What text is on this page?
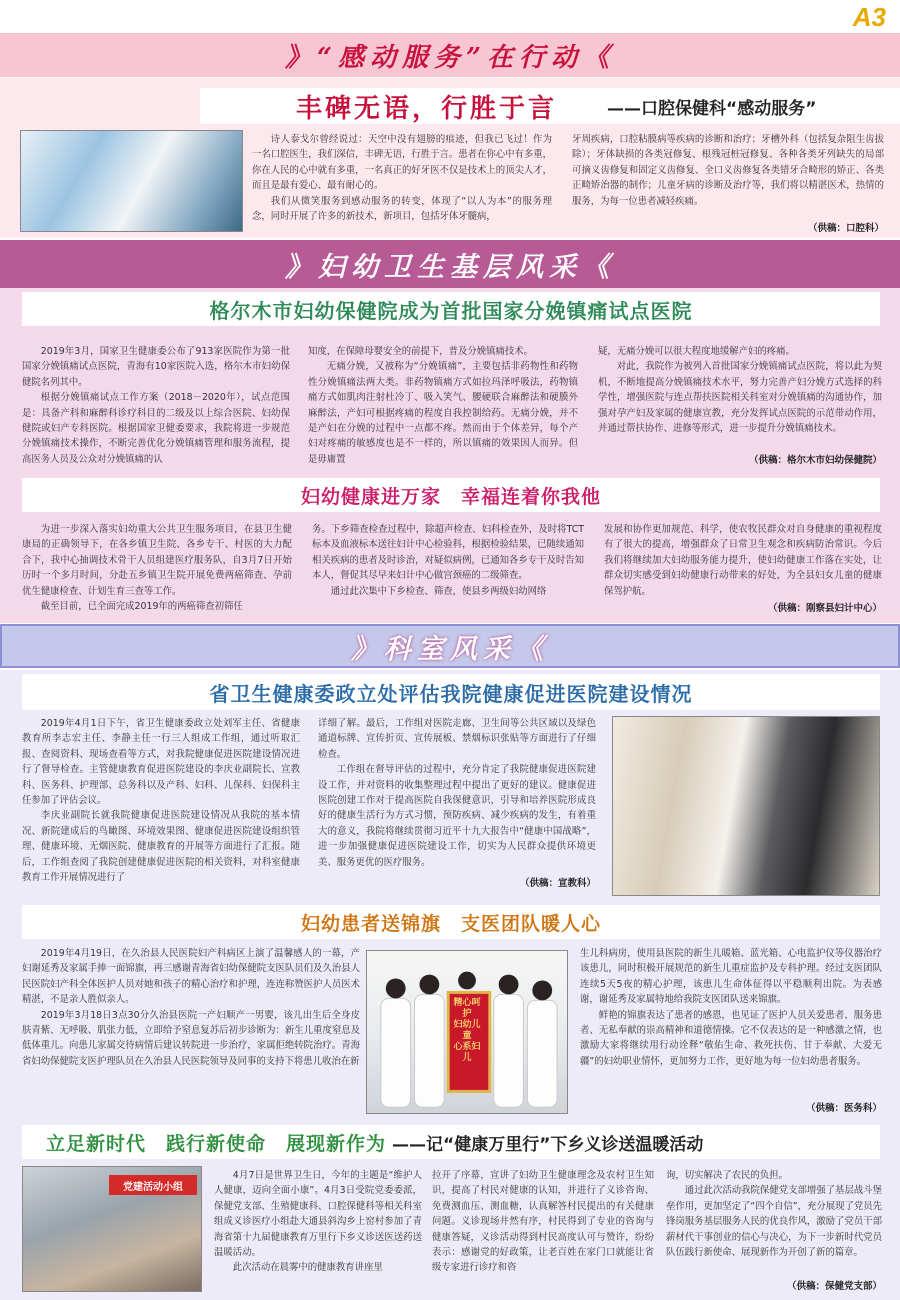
A3
》“感动服务”在行动《
丰碑无语，行胜于言	——口腔保健科“感动服务”

诗人泰戈尔曾经说过：天空中没有翅膀的痕迹，但我已飞过！作为一名口腔医生，我们深信，丰碑无语，行胜于言。患者在你心中有多重，你在人民的心中就有多重，一名真正的好牙医不仅是技术上的顶尖人才，而且是最有爱心、最有耐心的。

我们从微笑服务到感动服务的转变，体现了“以人为本”的服务理念，同时开展了许多的新技术，新项目，包括牙体牙髓病，

牙周疾病，口腔粘膜病等疾病的诊断和治疗；牙槽外科（包括复杂阻生齿拔除）；牙体缺损的各类冠修复、根残冠桩冠修复、各种各类牙列缺失的局部可摘义齿修复和固定义齿修复、全口义齿修复各类错牙合畸形的矫正、各类正畸矫治器的制作；儿童牙病的诊断及治疗等，我们将以精湛医术，热情的服务，为每一位患者减轻疾痛。

（供稿：口腔科）
》妇幼卫生基层风采《
格尔木市妇幼保健院成为首批国家分娩镇痛试点医院

2019年3月，国家卫生健康委公布了913家医院作为第一批国家分娩镇痛试点医院，青海有10家医院入选，格尔木市妇幼保健院名列其中。

根据分娩镇痛试点工作方案（2018－2020年），试点范围是：具备产科和麻醉科诊疗科目的二级及以上综合医院、妇幼保健院或妇产专科医院。根据国家卫健委要求，我院将进一步规范分娩镇痛技术操作，不断完善优化分娩镇痛管理和服务流程，提高医务人员及公众对分娩镇痛的认

知度，在保障母婴安全的前提下，普及分娩镇痛技术。

无痛分娩，又被称为“分娩镇痛”，主要包括非药物性和药物性分娩镇痛法两大类。非药物镇痛方式如拉玛泽呼吸法，药物镇痛方式如肌肉注射杜冷丁、吸入笑气、腰硬联合麻醉法和硬膜外麻醉法，产妇可根据疼痛的程度自我控制给药。无痛分娩，并不是产妇在分娩的过程中一点都不疼。然而由于个体差异，每个产妇对疼痛的敏感度也是不一样的，所以镇痛的效果因人而异。但是毋庸置

疑，无痛分娩可以很大程度地缓解产妇的疼痛。

对此，我院作为被列入首批国家分娩镇痛试点医院，将以此为契机，不断地提高分娩镇痛技术水平，努力完善产妇分娩方式选择的科学性，增强医院与连点帮扶医院相关科室对分娩镇痛的沟通协作，加强对孕产妇及家属的健康宣教，充分发挥试点医院的示范带动作用，并通过帮扶协作、进修等形式，进一步提升分娩镇痛技术。

（供稿：格尔木市妇幼保健院）
妇幼健康进万家　幸福连着你我他

为进一步深入落实妇幼重大公共卫生服务项目，在县卫生健康局的正确领导下，在各乡镇卫生院、各乡专干、村医的大力配合下，我中心抽调技术骨干人员组建医疗服务队，自3月7日开始历时一个多月时间，分赴五乡镇卫生院开展免费两癌筛查、孕前优生健康检查、计划生育三查等工作。

截至目前，已全面完成2019年的两癌筛查初筛任

务。下乡筛查检查过程中，除超声检查、妇科检查外，及时将TCT标本及血液标本送往妇计中心检验科，根据检验结果，已随续通知相关疾病的患者及时诊治，对疑似病例，已通知各乡专干及时告知本人，督促其尽早来妇计中心做宫颈癌的二级筛查。

通过此次集中下乡检查、筛查，使县乡两级妇幼网络

发展和协作更加规范、科学，使农牧民群众对自身健康的重视程度有了很大的提高，增强群众了日常卫生观念和疾病防治常识。今后我们将继续加大妇幼服务能力提升，使妇幼健康工作落在实处，让群众切实感受到妇幼健康行动带来的好处，为全县妇女儿童的健康保驾护航。

（供稿：刚察县妇计中心）
》科室风采《
省卫生健康委政立处评估我院健康促进医院建设情况

2019年4月1日下午，省卫生健康委政立处刘军主任、省健康教育所李志宏主任、李静主任一行三人组成工作组，通过听取汇报、查阅资料、现场查看等方式，对我院健康促进医院建设情况进行了督导检查。主管健康教育促进医院建设的李庆业副院长、宣教科、医务科、护理部、总务科以及产科、妇科、儿保科、妇保科主任参加了评估会议。

李庆业副院长就我院健康促进医院建设情况从我院的基本情况、新院建成后的鸟瞰图、环境效果图、健康促进医院建设组织管理、健康环境、无烟医院、健康教育的开展等方面进行了汇报。随后，工作组查阅了我院创建健康促进医院的相关资料，对科室健康教育工作开展情况进行了

详细了解。最后，工作组对医院走廊、卫生间等公共区域以及绿色通道标牌、宣传折页、宣传展板、禁烟标识张贴等方面进行了仔细检查。

工作组在督导评估的过程中，充分肯定了我院健康促进医院建设工作，并对资料的收集整理过程中提出了更好的建议。健康促进医院创建工作对于提高医院自我保健意识，引导和培养医院形成良好的健康生活行为方式习惯，预防疾病、减少疾病的发生，有着重大的意义，我院将继续贯彻习近平十九大报告中“健康中国战略”，进一步加强健康促进医院建设工作，切实为人民群众提供环境更美、服务更优的医疗服务。

（供稿：宣教科）
妇幼患者送锦旗　支医团队暖人心

2019年4月19日，在久治县人民医院妇产科病区上演了温馨感人的一幕，产妇谢延秀及家属手捧一面锦旗，再三感谢青海省妇幼保健院支医队员们及久治县人民医院妇产科全体医护人员对她和孩子的精心治疗和护理，连连称赞医护人员医术精湛，不是亲人胜似亲人。

2019年3月18日3点30分久治县医院一产妇顺产一男婴，该儿出生后全身皮肤青紫、无呼吸、肌张力低，立即给予窒息复苏后初步诊断为：新生儿重度窒息及低体重儿。向患儿家属交待病情后建议转院进一步治疗，家属拒绝转院治疗。青海省妇幼保健院支医护理队员在久治县人民医院领导及同事的支持下将患儿收治在新

精心呵护
妇幼儿童
心系妇儿

生儿科病房，使用县医院的新生儿暖箱、蓝光箱、心电监护仪等仪器治疗该患儿，同时积极开展规范的新生儿重症监护及专科护理。经过支医团队连续5天5夜的精心护理，该患儿生命体征得以平稳顺利出院。为表感谢，谢延秀及家属特地给我院支医团队送来锦旗。

鲜艳的锦旗表达了患者的感恩，也见证了医护人员关爱患者、服务患者、无私奉献的崇高精神和道德情操。它不仅表达的是一种感激之情，也激励大家将继续用行动诠释“敬佑生命、救死扶伤、甘于奉献、大爱无疆”的妇幼职业情怀，更加努力工作，更好地为每一位妇幼患者服务。

（供稿：医务科）
立足新时代　践行新使命　展现新作为 ——记“健康万里行”下乡义诊送温暖活动
党建活动小组

4月7日是世界卫生日，今年的主题是“维护人人健康，迈向全面小康”。4月3日受院党委委派，保健党支部、生殖健康科、口腔保健科等相关科室组成义诊医疗小组赴大通县斜沟乡上窑村参加了青海省第十九届健康教育万里行下乡义诊送医送药送温暖活动。

此次活动在晨雾中的健康教育讲座里

拉开了序幕，宣讲了妇幼卫生健康理念及农村卫生知识，提高了村民对健康的认知，并进行了义诊咨询、免费测血压、测血糖，认真解答村民提出的有关健康问题。义诊现场井然有序，村民得到了专业的咨询与健康答疑，义诊活动得到村民高度认可与赞许，纷纷表示：感谢党的好政策，让老百姓在家门口就能让省级专家进行诊疗和咨

询，切实解决了农民的负担。

通过此次活动我院保健党支部增强了基层战斗堡垒作用，更加坚定了“四个自信”，充分展现了党员先锋岗服务基层服务人民的优良作风，激励了党员干部薪材代干事创业的信心与决心，为下一步新时代党员队伍践行新使命、展现新作为开创了新的篇章。

（供稿：保健党支部）
